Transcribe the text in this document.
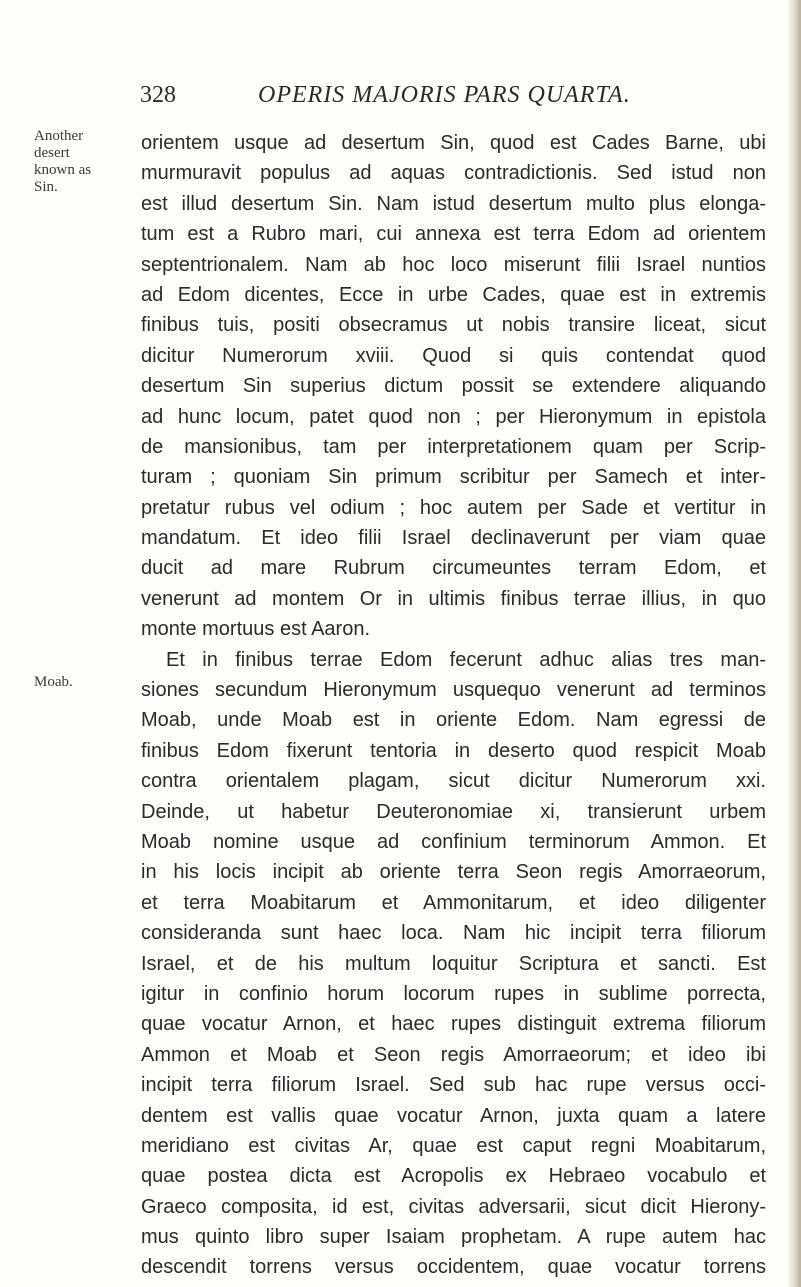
328	OPERIS MAJORIS PARS QUARTA.
Another
desert
known as
Sin.
Moab.
orientem usque ad desertum Sin, quod est Cades Barne, ubi
murmuravit populus ad aquas contradictionis. Sed istud non
est illud desertum Sin. Nam istud desertum multo plus elonga-
tum est a Rubro mari, cui annexa est terra Edom ad orientem
septentrionalem. Nam ab hoc loco miserunt filii Israel nuntios
ad Edom dicentes, Ecce in urbe Cades, quae est in extremis
finibus tuis, positi obsecramus ut nobis transire liceat, sicut
dicitur Numerorum xviii. Quod si quis contendat quod
desertum Sin superius dictum possit se extendere aliquando
ad hunc locum, patet quod non ; per Hieronymum in epistola
de mansionibus, tam per interpretationem quam per Scrip-
turam ; quoniam Sin primum scribitur per Samech et inter-
pretatur rubus vel odium ; hoc autem per Sade et vertitur in
mandatum. Et ideo filii Israel declinaverunt per viam quae
ducit ad mare Rubrum circumeuntes terram Edom, et
venerunt ad montem Or in ultimis finibus terrae illius, in quo
monte mortuus est Aaron.
Et in finibus terrae Edom fecerunt adhuc alias tres man-
siones secundum Hieronymum usquequo venerunt ad terminos
Moab, unde Moab est in oriente Edom. Nam egressi de
finibus Edom fixerunt tentoria in deserto quod respicit Moab
contra orientalem plagam, sicut dicitur Numerorum xxi.
Deinde, ut habetur Deuteronomiae xi, transierunt urbem
Moab nomine usque ad confinium terminorum Ammon. Et
in his locis incipit ab oriente terra Seon regis Amorraeorum,
et terra Moabitarum et Ammonitarum, et ideo diligenter
consideranda sunt haec loca. Nam hic incipit terra filiorum
Israel, et de his multum loquitur Scriptura et sancti. Est
igitur in confinio horum locorum rupes in sublime porrecta,
quae vocatur Arnon, et haec rupes distinguit extrema filiorum
Ammon et Moab et Seon regis Amorraeorum; et ideo ibi
incipit terra filiorum Israel. Sed sub hac rupe versus occi-
dentem est vallis quae vocatur Arnon, juxta quam a latere
meridiano est civitas Ar, quae est caput regni Moabitarum,
quae postea dicta est Acropolis ex Hebraeo vocabulo et
Graeco composita, id est, civitas adversarii, sicut dicit Hierony-
mus quinto libro super Isaiam prophetam. A rupe autem hac
descendit torrens versus occidentem, quae vocatur torrens
